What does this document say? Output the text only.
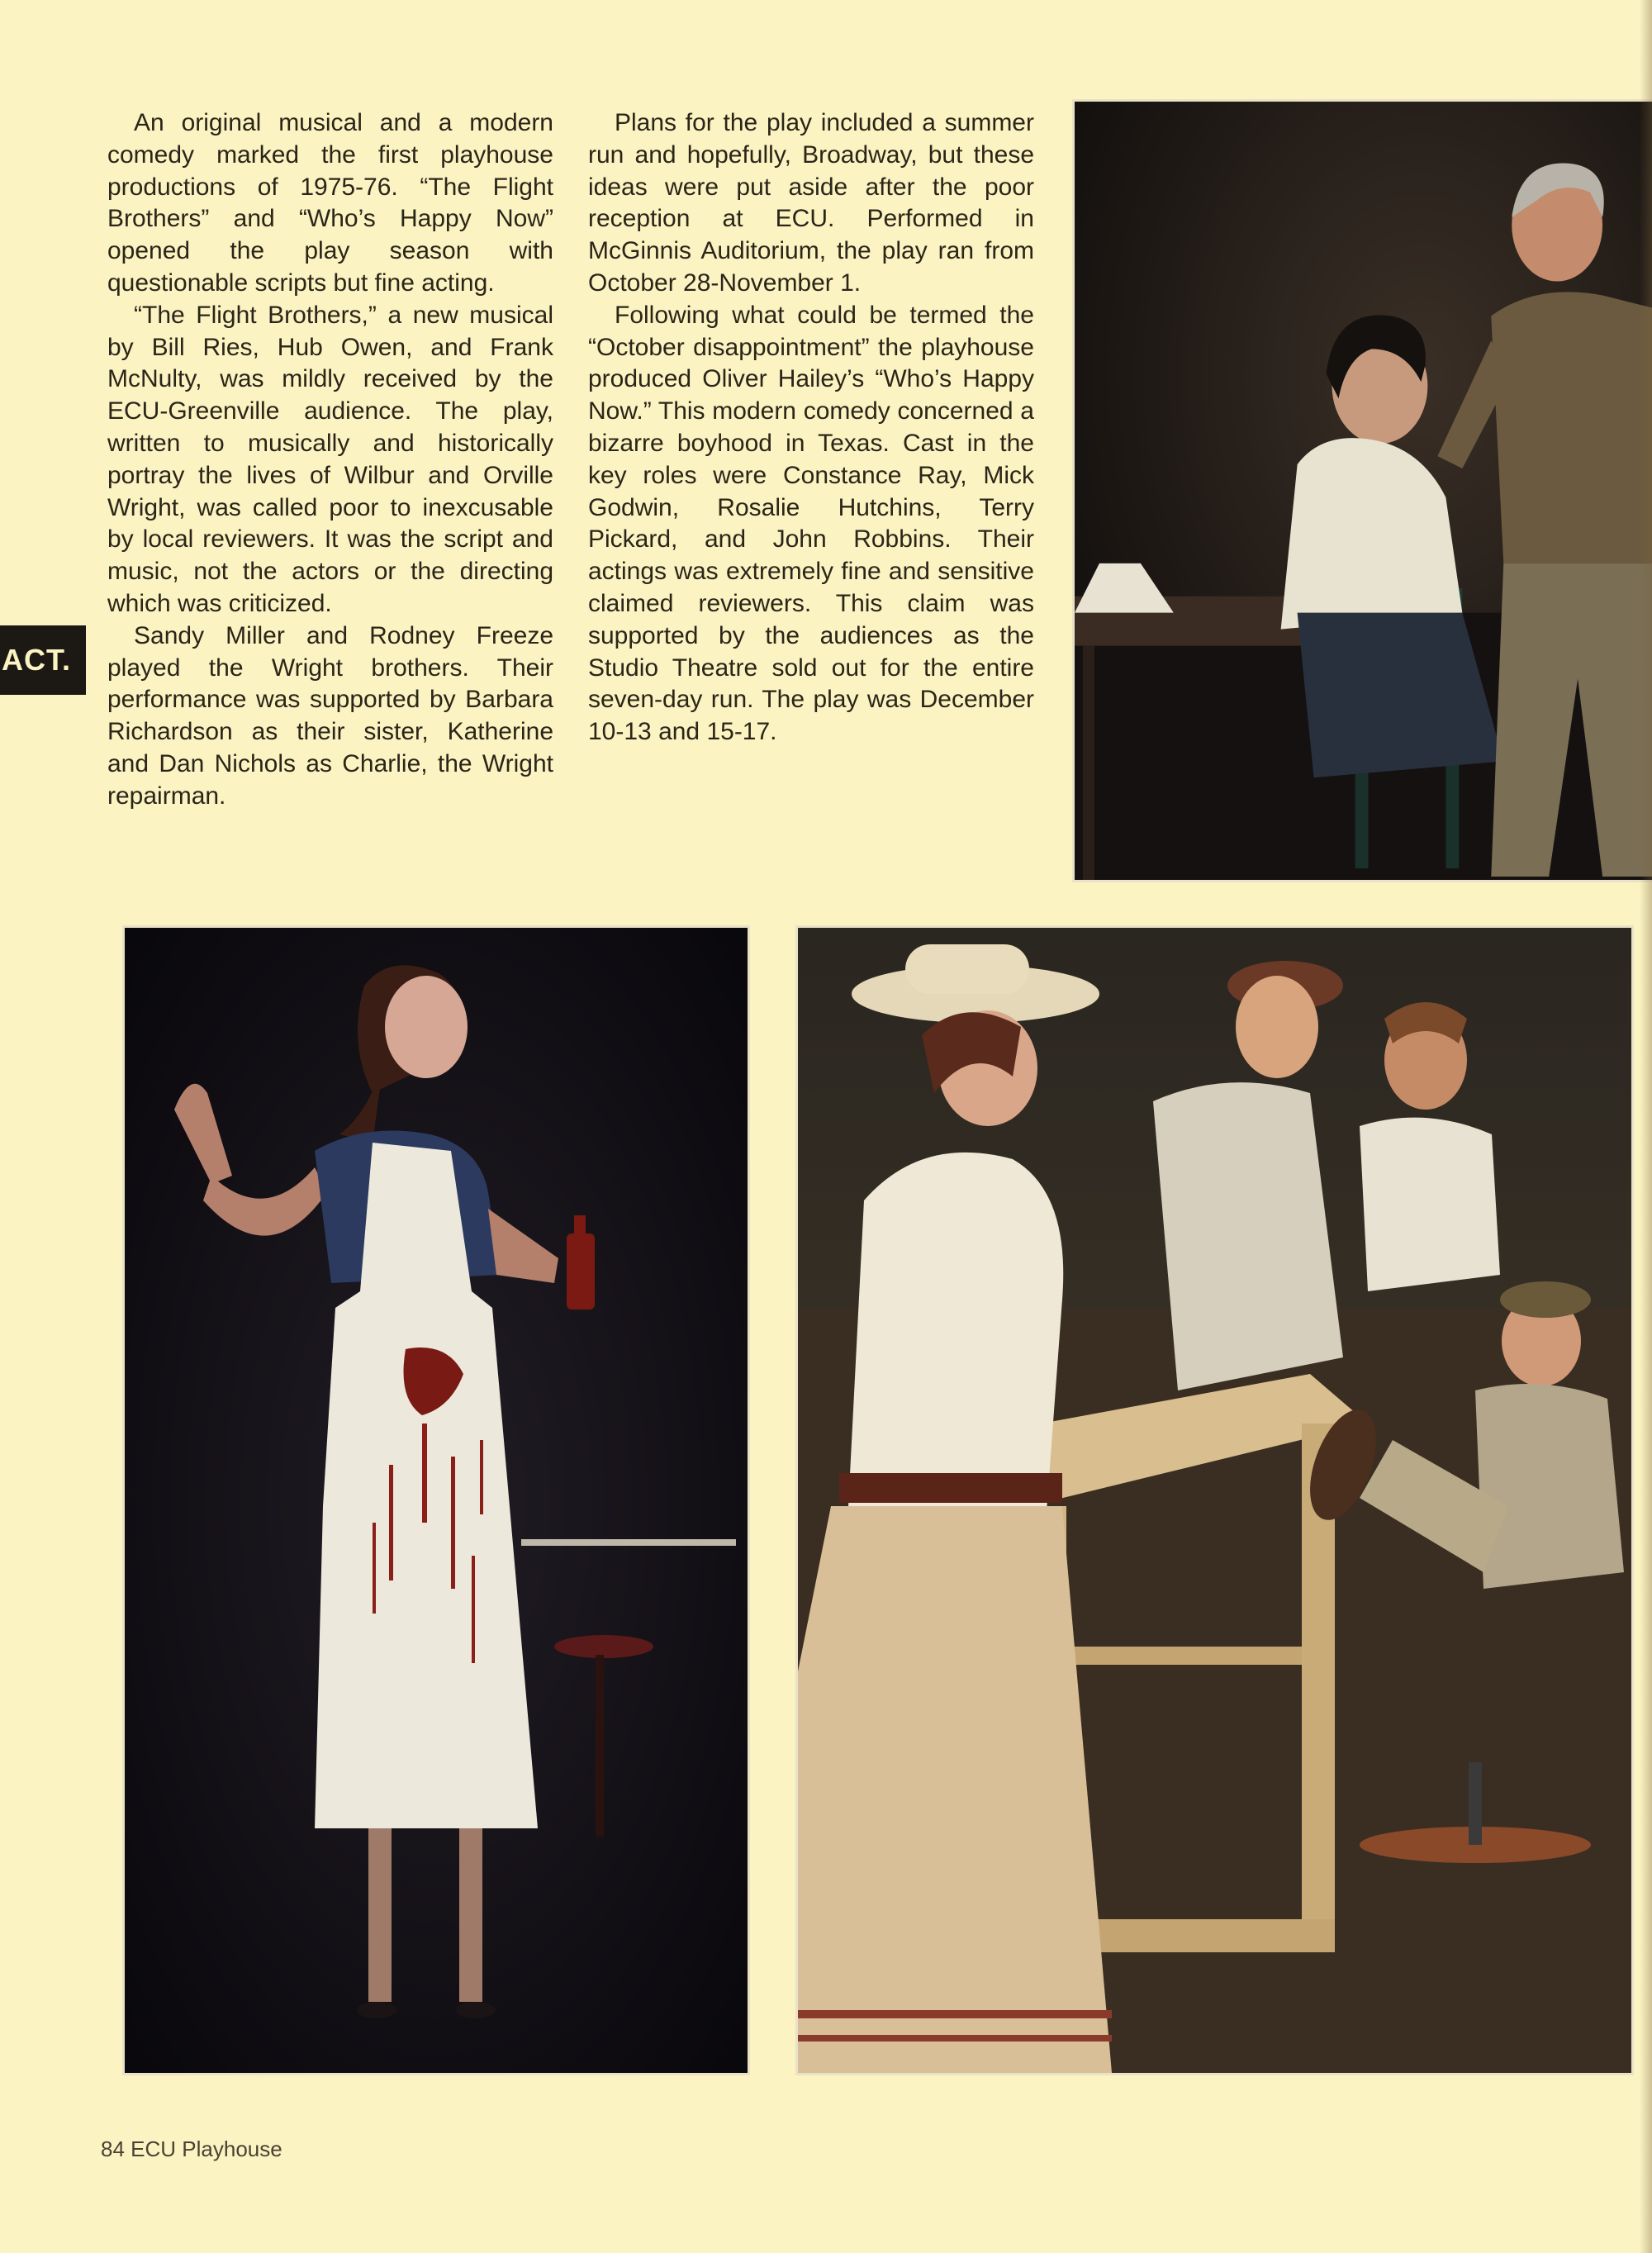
An original musical and a modern comedy marked the first playhouse productions of 1975-76. “The Flight Brothers” and “Who’s Happy Now” opened the play season with questionable scripts but fine acting.

“The Flight Brothers,” a new musical by Bill Ries, Hub Owen, and Frank McNulty, was mildly received by the ECU-Greenville audience. The play, written to musically and historically portray the lives of Wilbur and Orville Wright, was called poor to inexcusable by local reviewers. It was the script and music, not the actors or the directing which was criticized.

Sandy Miller and Rodney Freeze played the Wright brothers. Their performance was supported by Barbara Richardson as their sister, Katherine and Dan Nichols as Charlie, the Wright repairman.

Plans for the play included a summer run and hopefully, Broadway, but these ideas were put aside after the poor reception at ECU. Performed in McGinnis Auditorium, the play ran from October 28-November 1.

Following what could be termed the “October disappointment” the playhouse produced Oliver Hailey’s “Who’s Happy Now.” This modern comedy concerned a bizarre boyhood in Texas. Cast in the key roles were Constance Ray, Mick Godwin, Rosalie Hutchins, Terry Pickard, and John Robbins. Their actings was extremely fine and sensitive claimed reviewers. This claim was supported by the audiences as the Studio Theatre sold out for the entire seven-day run. The play was December 10-13 and 15-17.

ACT.
84 ECU Playhouse
